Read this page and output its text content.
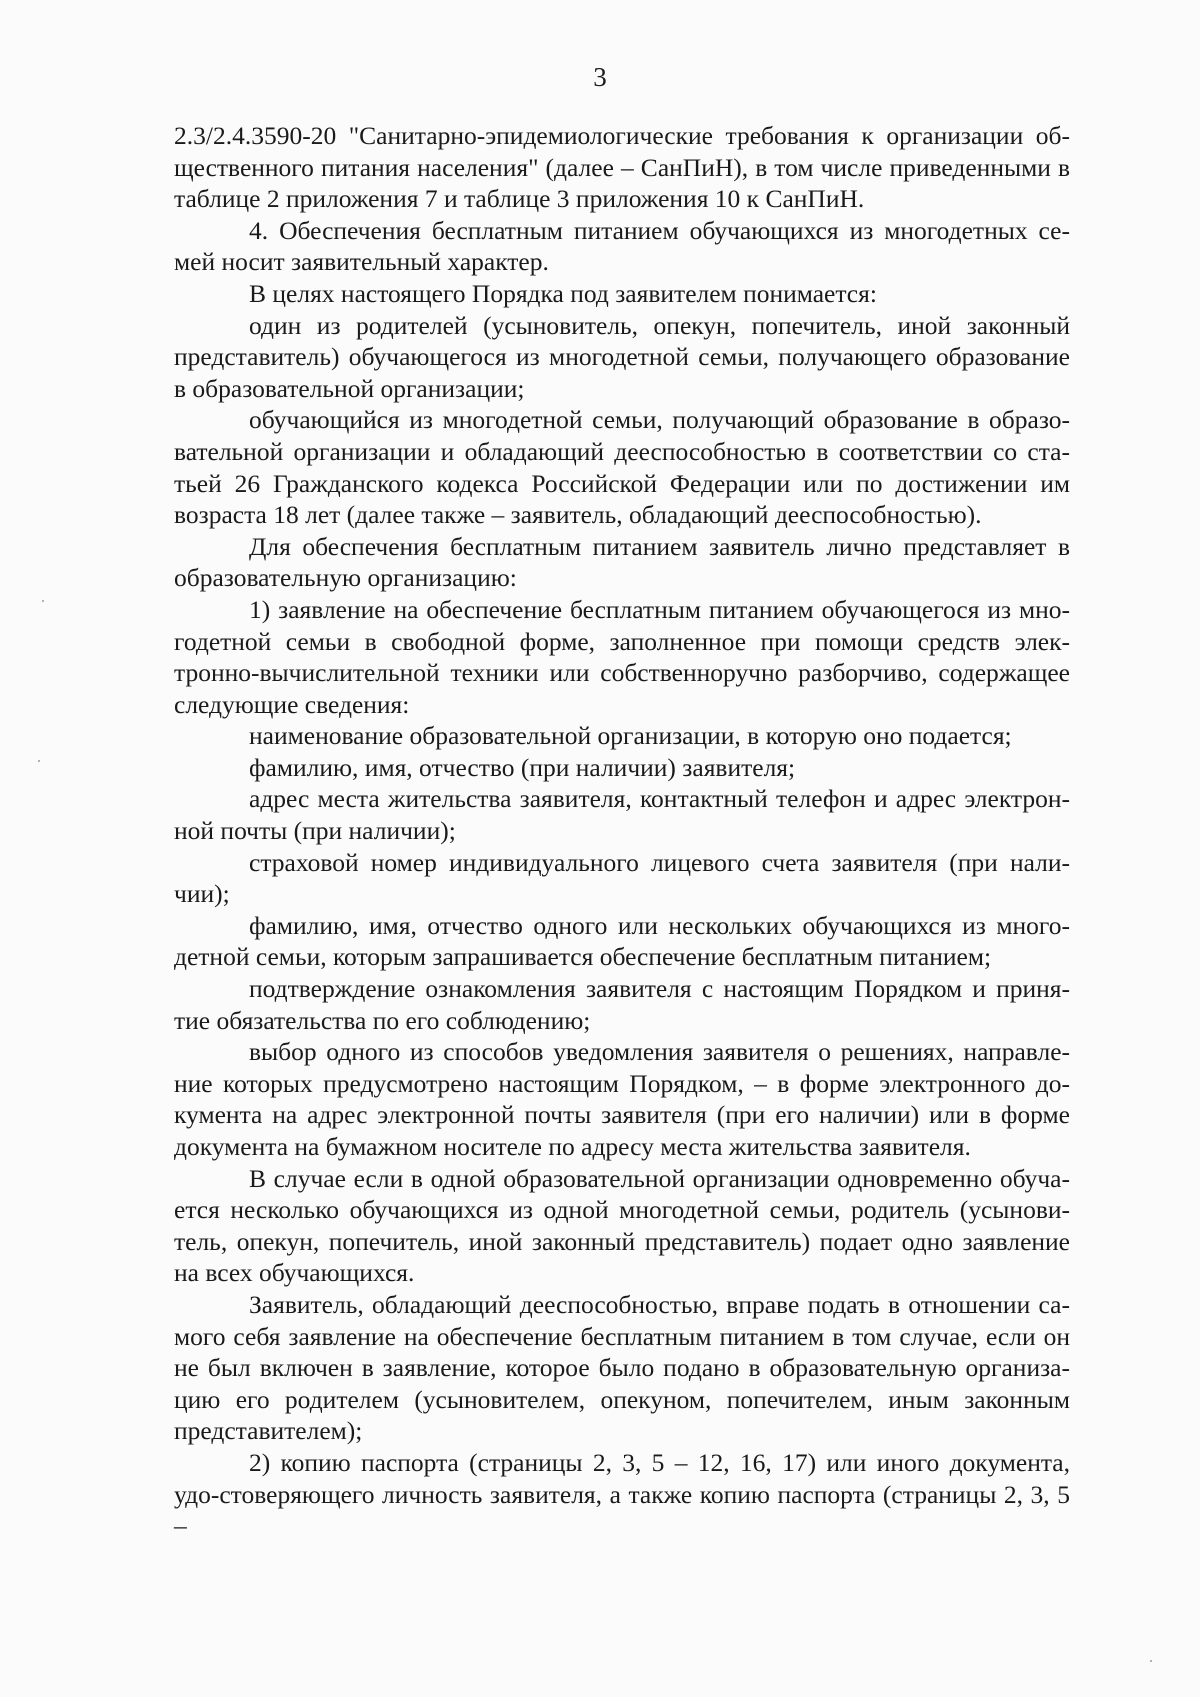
3

2.3/2.4.3590-20 "Санитарно-эпидемиологические требования к организации об-щественного питания населения" (далее – СанПиН), в том числе приведенными в таблице 2 приложения 7 и таблице 3 приложения 10 к СанПиН.

4. Обеспечения бесплатным питанием обучающихся из многодетных се-мей носит заявительный характер.

В целях настоящего Порядка под заявителем понимается:

один из родителей (усыновитель, опекун, попечитель, иной законный представитель) обучающегося из многодетной семьи, получающего образование в образовательной организации;

обучающийся из многодетной семьи, получающий образование в образо-вательной организации и обладающий дееспособностью в соответствии со ста-тьей 26 Гражданского кодекса Российской Федерации или по достижении им возраста 18 лет (далее также – заявитель, обладающий дееспособностью).

Для обеспечения бесплатным питанием заявитель лично представляет в образовательную организацию:

1) заявление на обеспечение бесплатным питанием обучающегося из мно-годетной семьи в свободной форме, заполненное при помощи средств элек-тронно-вычислительной техники или собственноручно разборчиво, содержащее следующие сведения:

наименование образовательной организации, в которую оно подается;

фамилию, имя, отчество (при наличии) заявителя;

адрес места жительства заявителя, контактный телефон и адрес электрон-ной почты (при наличии);

страховой номер индивидуального лицевого счета заявителя (при нали-чии);

фамилию, имя, отчество одного или нескольких обучающихся из много-детной семьи, которым запрашивается обеспечение бесплатным питанием;

подтверждение ознакомления заявителя с настоящим Порядком и приня-тие обязательства по его соблюдению;

выбор одного из способов уведомления заявителя о решениях, направле-ние которых предусмотрено настоящим Порядком, – в форме электронного до-кумента на адрес электронной почты заявителя (при его наличии) или в форме документа на бумажном носителе по адресу места жительства заявителя.

В случае если в одной образовательной организации одновременно обуча-ется несколько обучающихся из одной многодетной семьи, родитель (усынови-тель, опекун, попечитель, иной законный представитель) подает одно заявление на всех обучающихся.

Заявитель, обладающий дееспособностью, вправе подать в отношении са-мого себя заявление на обеспечение бесплатным питанием в том случае, если он не был включен в заявление, которое было подано в образовательную организа-цию его родителем (усыновителем, опекуном, попечителем, иным законным представителем);

2) копию паспорта (страницы 2, 3, 5 – 12, 16, 17) или иного документа, удо-стоверяющего личность заявителя, а также копию паспорта (страницы 2, 3, 5 –
